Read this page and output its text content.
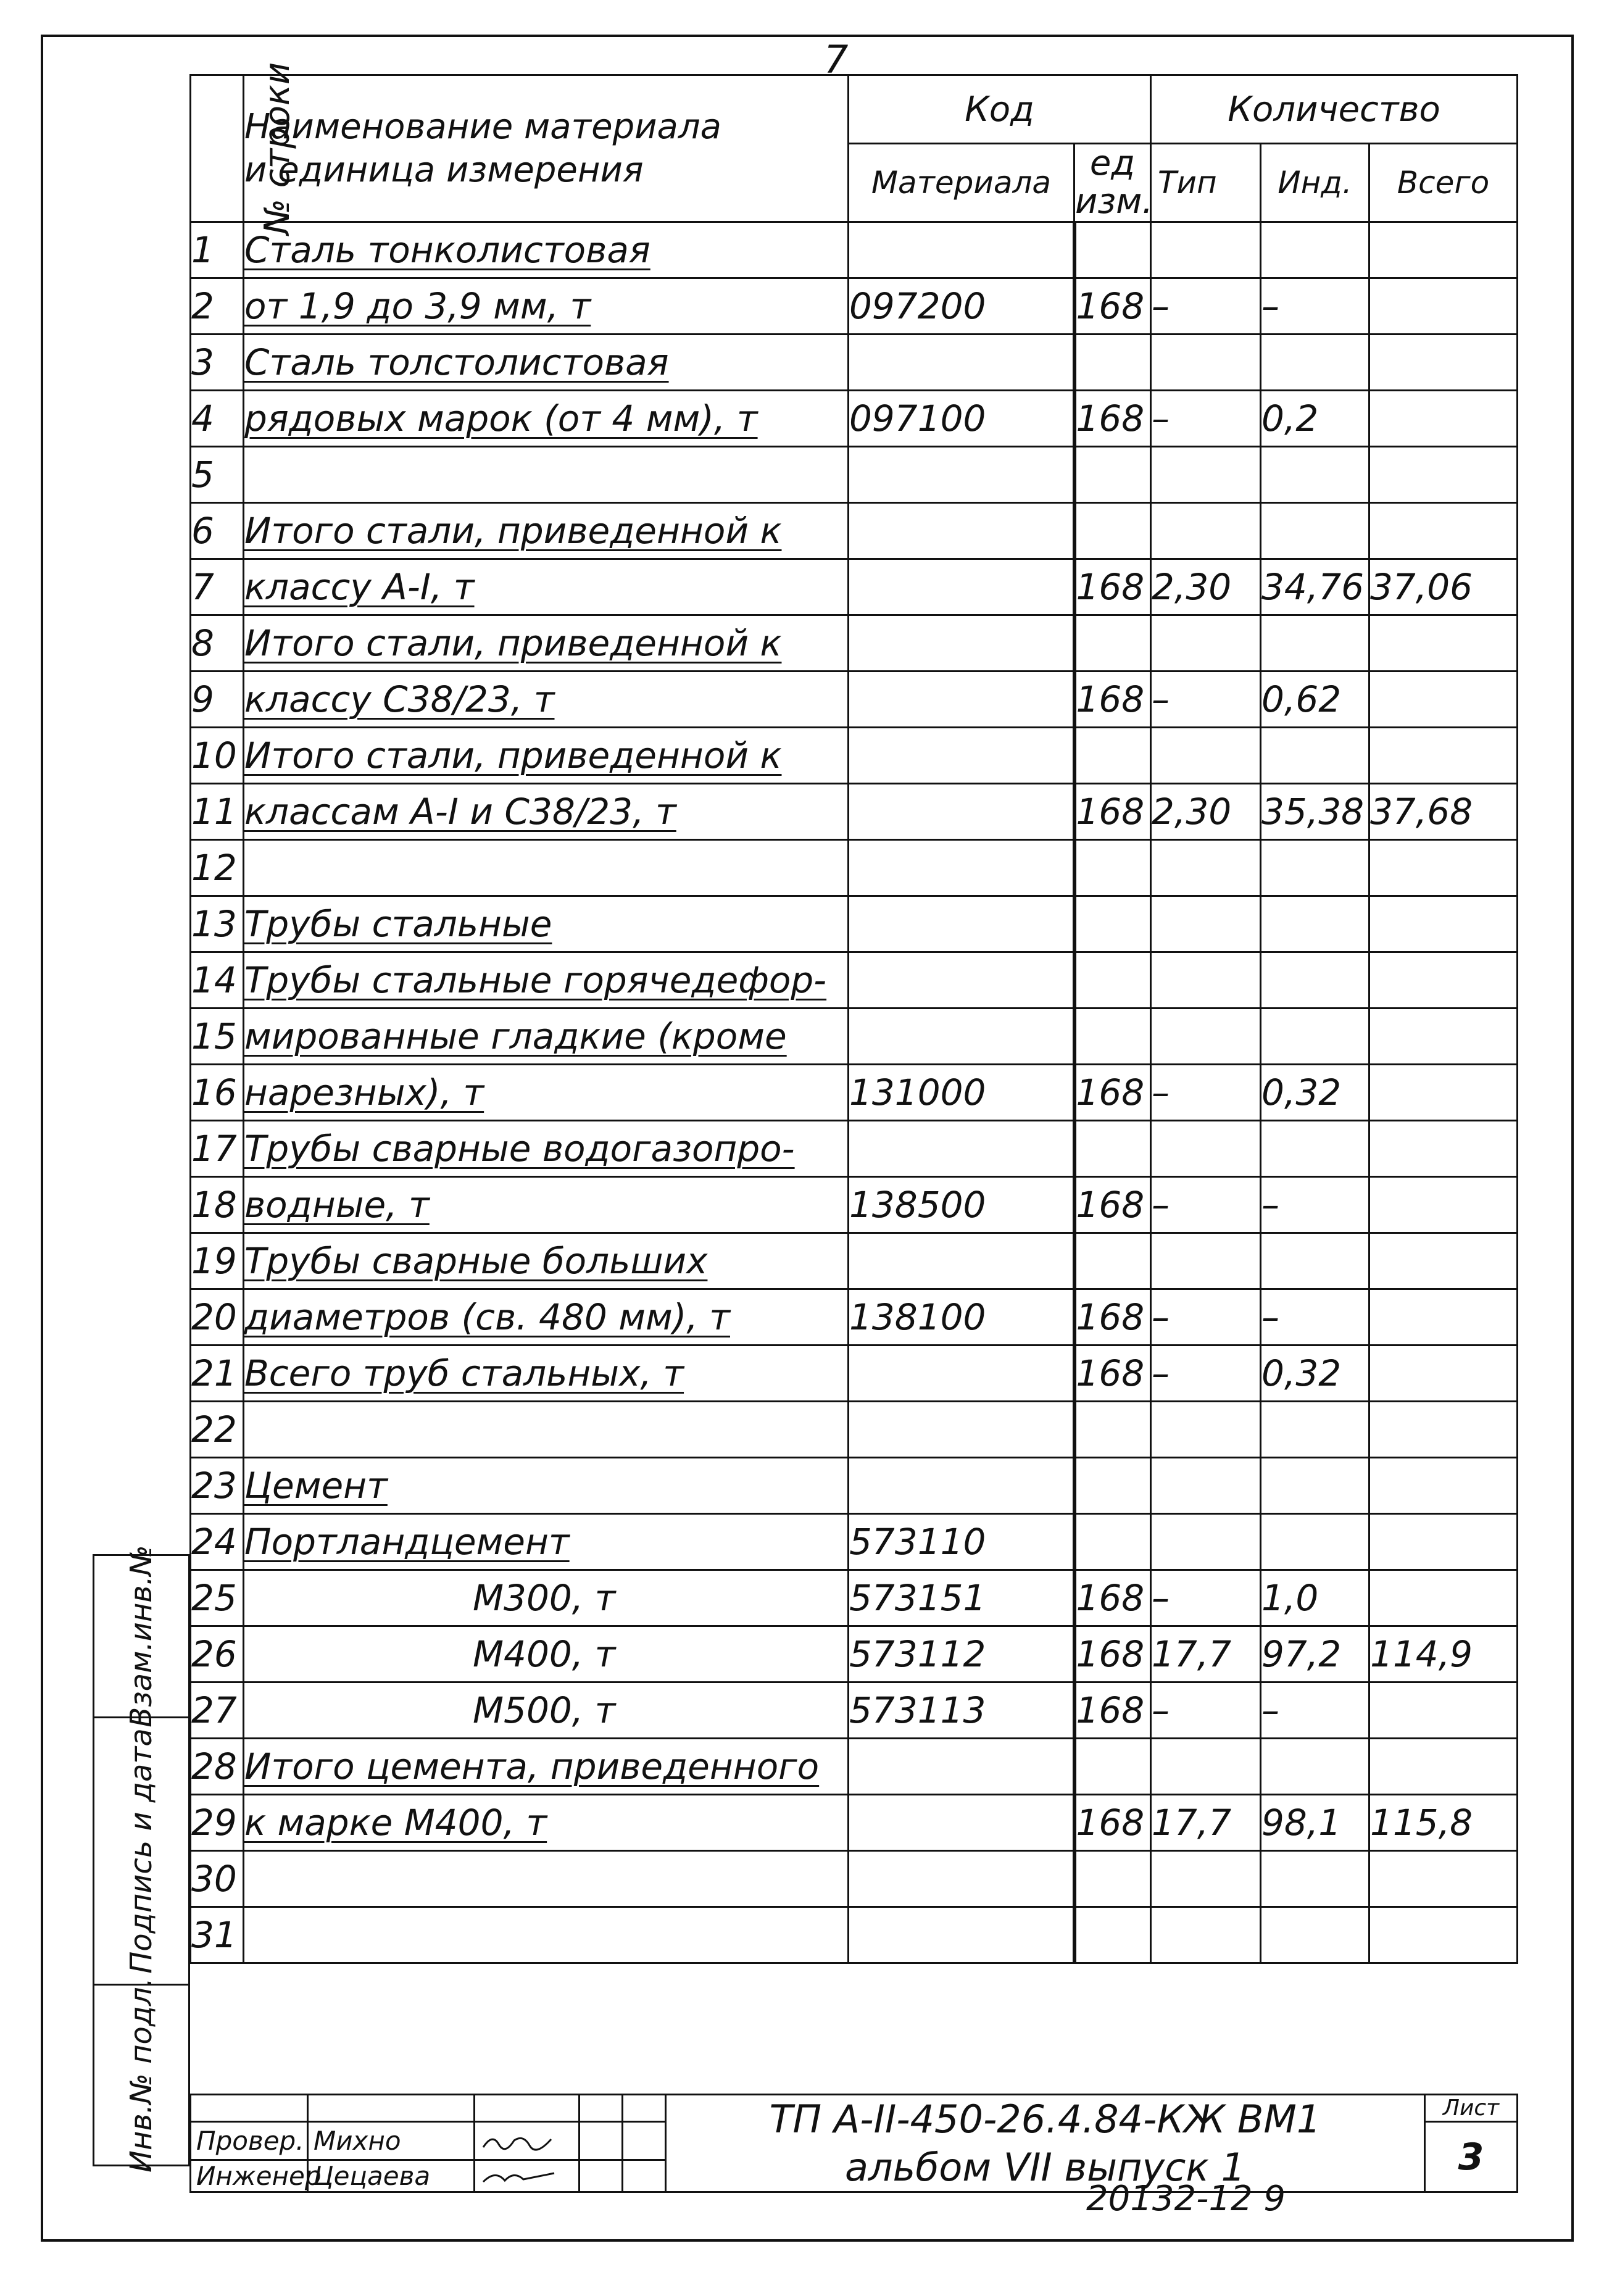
7
№ строки	Наименование материала
и единица измерения	Код		Количество		
		Материала	ед изм.	Тип	Инд.	Всего
1	Сталь тонколистовая					
2	от 1,9 до 3,9 мм, т	097200	168	–	–	
3	Сталь толстолистовая					
4	рядовых марок (от 4 мм), т	097100	168	–	0,2	
5						
6	Итого стали, приведенной к					
7	классу А-I, т		168	2,30	34,76	37,06
8	Итого стали, приведенной к					
9	классу С38/23, т		168	–	0,62	
10	Итого стали, приведенной к					
11	классам А-I и С38/23, т		168	2,30	35,38	37,68
12						
13	Трубы стальные					
14	Трубы стальные горячедефор-					
15	мированные гладкие (кроме					
16	нарезных), т	131000	168	–	0,32	
17	Трубы сварные водогазопро-					
18	водные, т	138500	168	–	–	
19	Трубы сварные больших					
20	диаметров (св. 480 мм), т	138100	168	–	–	
21	Всего труб стальных, т		168	–	0,32	
22						
23	Цемент					
24	Портландцемент	573110				
25	М300, т	573151	168	–	1,0	
26	М400, т	573112	168	17,7	97,2	114,9
27	М500, т	573113	168	–	–	
28	Итого цемента, приведенного					
29	к марке М400, т		168	17,7	98,1	115,8
30						
31						
Взам.инв.№

Подпись и дата

Инв.№ подл.

					ТП А-II-450-26.4.84-КЖ ВМ1
альбом VII выпуск 1	Лист
Провер.	Михно					3
Инженер	Цецаева	

20132-12 9
